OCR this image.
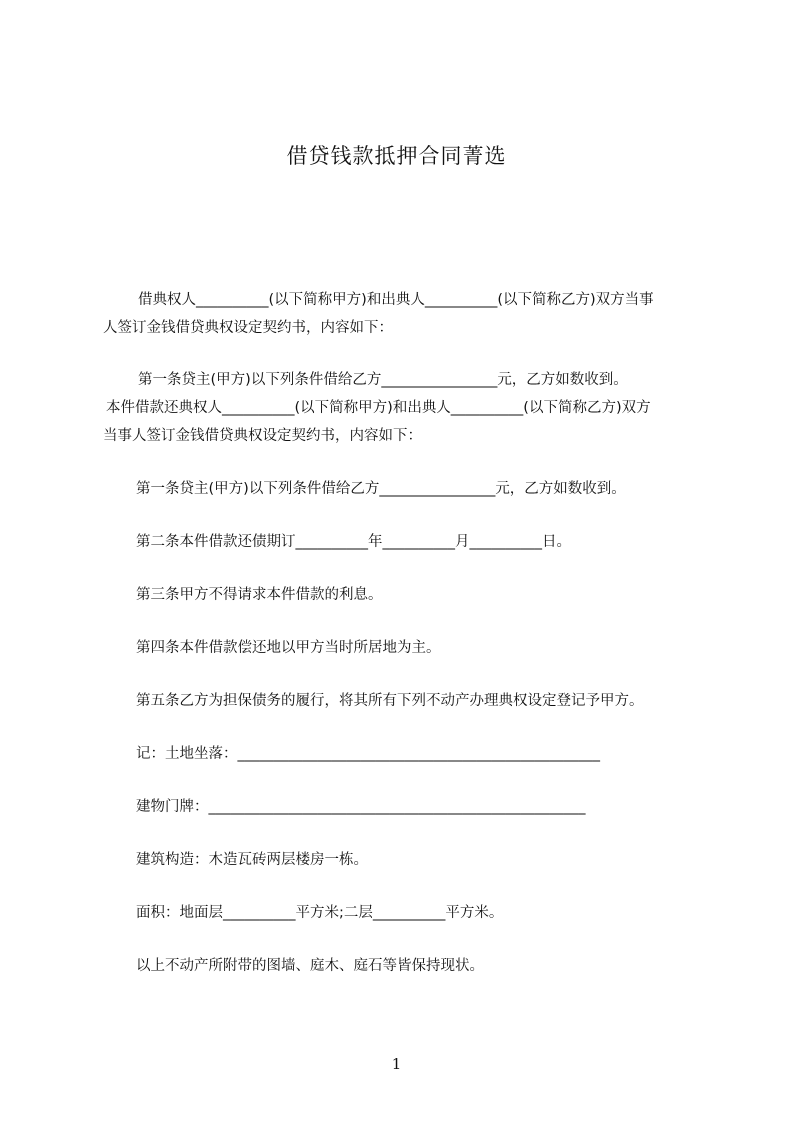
借贷钱款抵押合同菁选
借典权人__________(以下简称甲方)和出典人__________(以下简称乙方)双方当事
人签订金钱借贷典权设定契约书，内容如下：
第一条贷主(甲方)以下列条件借给乙方________________元，乙方如数收到。
本件借款还典权人__________(以下简称甲方)和出典人__________(以下简称乙方)双方
当事人签订金钱借贷典权设定契约书，内容如下：
第一条贷主(甲方)以下列条件借给乙方________________元，乙方如数收到。
第二条本件借款还债期订__________年__________月__________日。
第三条甲方不得请求本件借款的利息。
第四条本件借款偿还地以甲方当时所居地为主。
第五条乙方为担保债务的履行，将其所有下列不动产办理典权设定登记予甲方。
记：土地坐落：__________________________________________________
建物门牌：____________________________________________________
建筑构造：木造瓦砖两层楼房一栋。
面积：地面层__________平方米;二层__________平方米。
以上不动产所附带的图墙、庭木、庭石等皆保持现状。
1
